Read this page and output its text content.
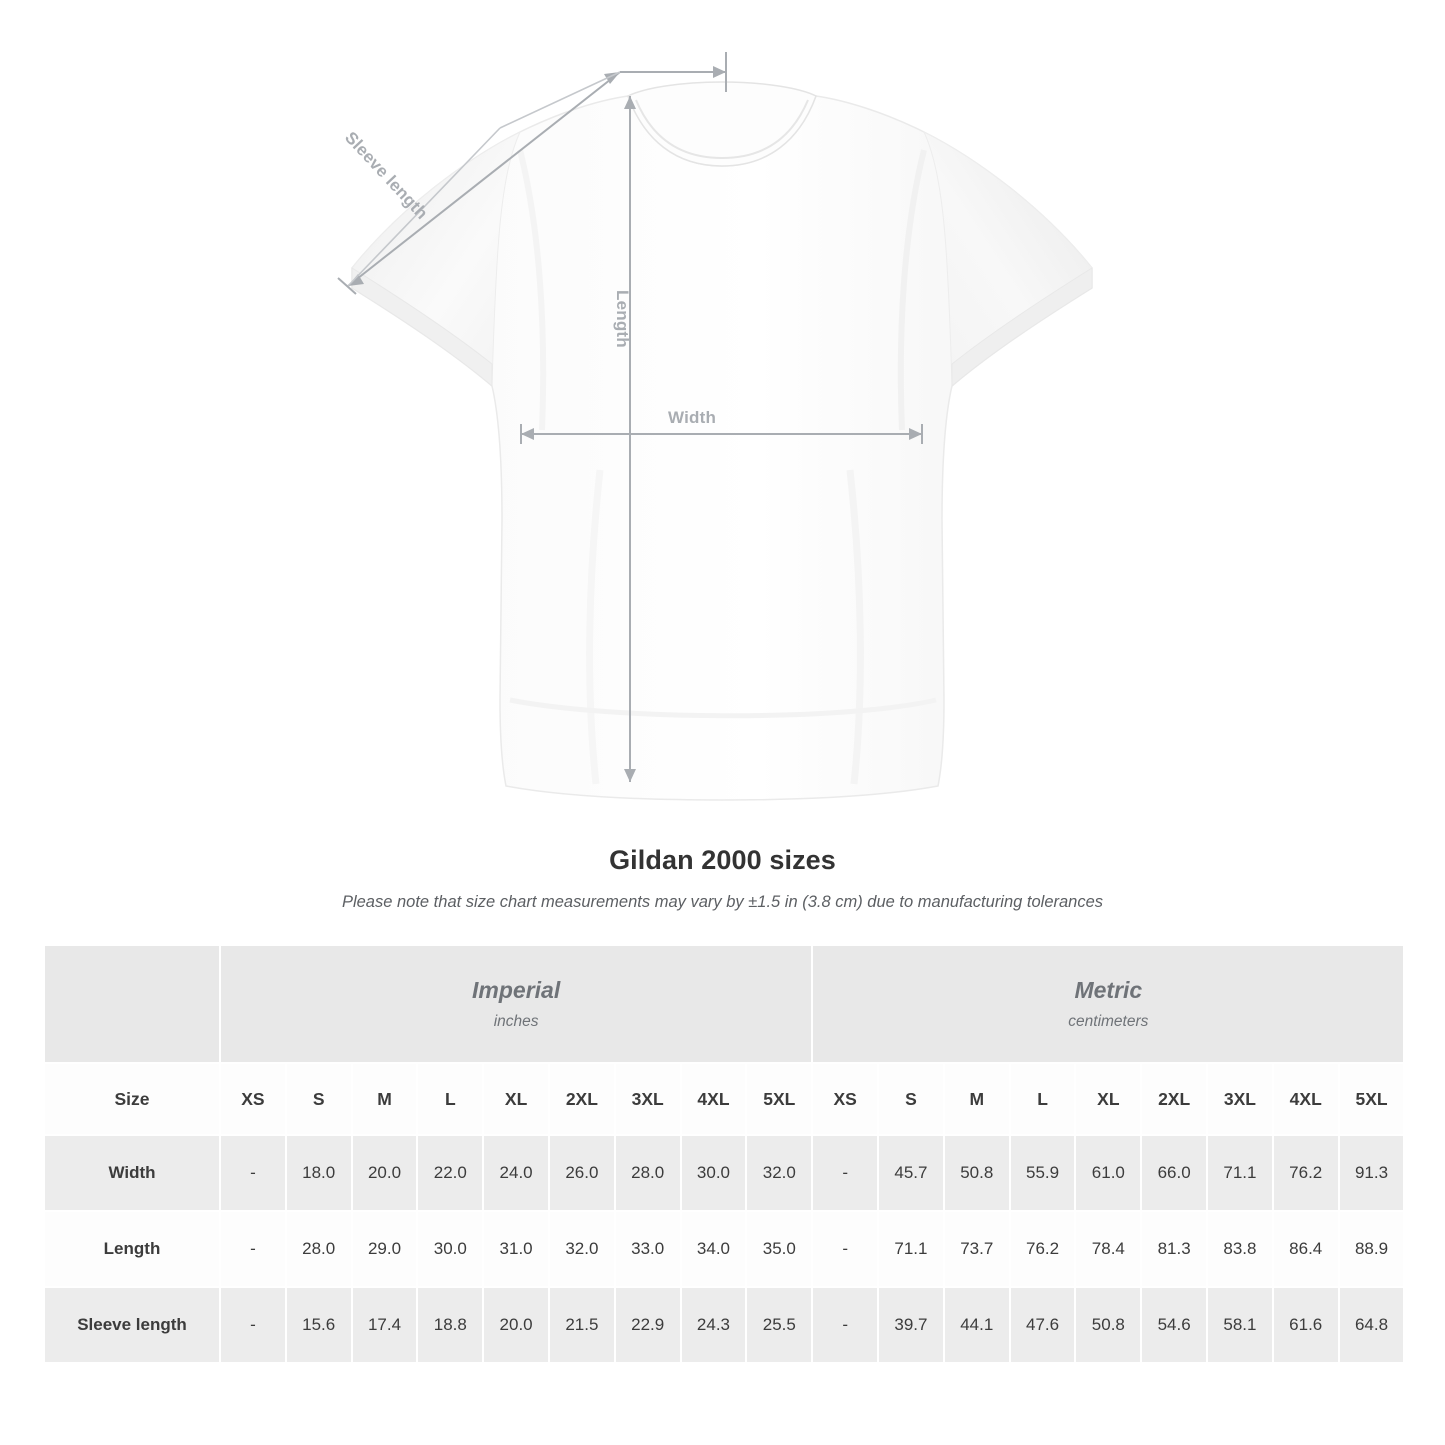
Width
Length
Sleeve length
Gildan 2000 sizes
Please note that size chart measurements may vary by ±1.5 in (3.8 cm) due to manufacturing tolerances

Imperial
inches

Metric
centimeters

Size	XS	S	M	L	XL	2XL	3XL	4XL	5XL	XS	S	M	L	XL	2XL	3XL	4XL	5XL
Width	-	18.0	20.0	22.0	24.0	26.0	28.0	30.0	32.0	-	45.7	50.8	55.9	61.0	66.0	71.1	76.2	91.3
Length	-	28.0	29.0	30.0	31.0	32.0	33.0	34.0	35.0	-	71.1	73.7	76.2	78.4	81.3	83.8	86.4	88.9
Sleeve length	-	15.6	17.4	18.8	20.0	21.5	22.9	24.3	25.5	-	39.7	44.1	47.6	50.8	54.6	58.1	61.6	64.8
